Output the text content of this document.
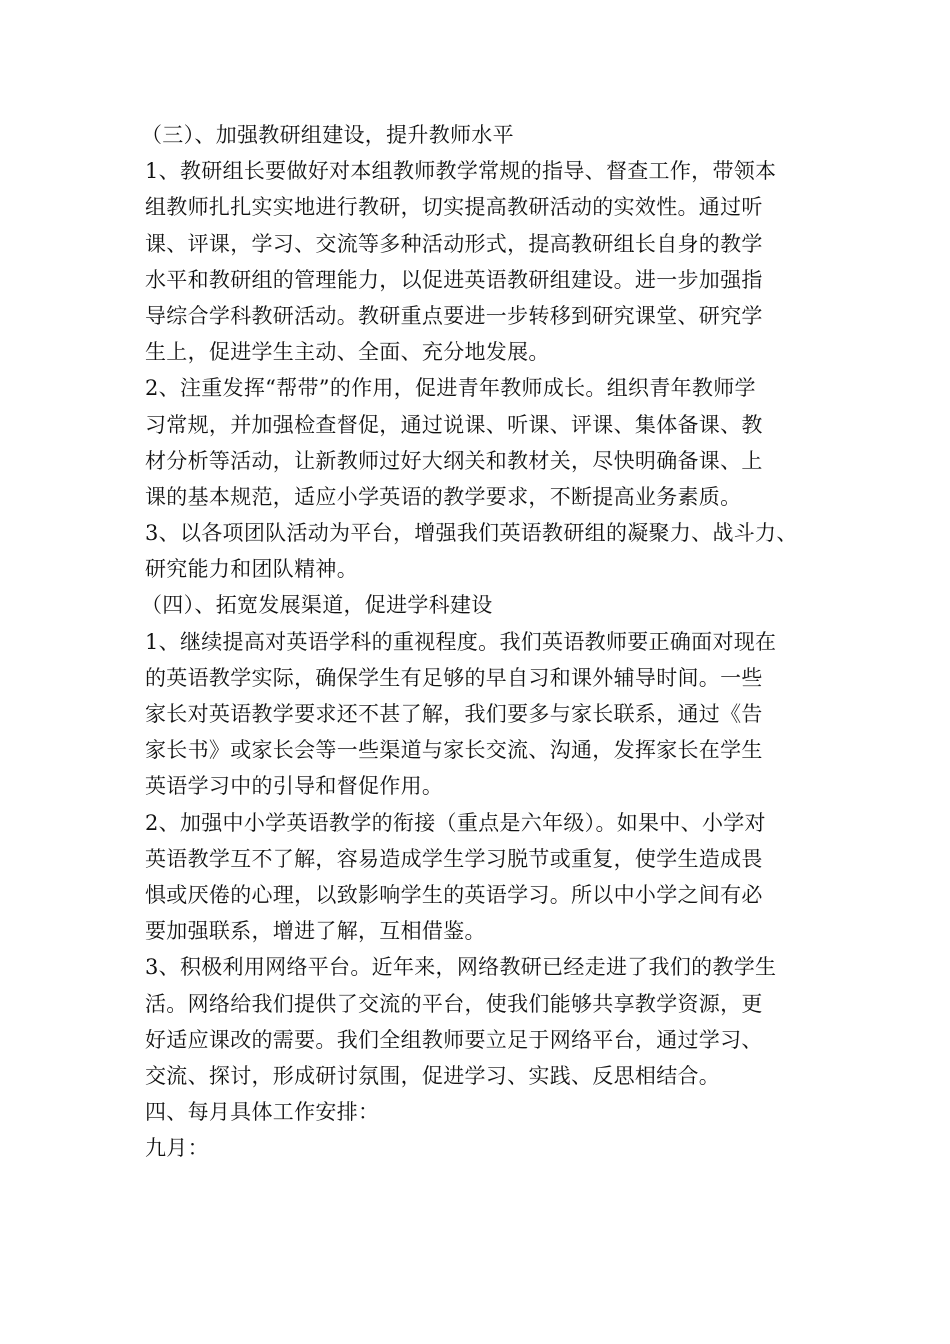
（三）、加强教研组建设，提升教师水平
1、教研组长要做好对本组教师教学常规的指导、督查工作，带领本
组教师扎扎实实地进行教研，切实提高教研活动的实效性。通过听
课、评课，学习、交流等多种活动形式，提高教研组长自身的教学
水平和教研组的管理能力，以促进英语教研组建设。进一步加强指
导综合学科教研活动。教研重点要进一步转移到研究课堂、研究学
生上，促进学生主动、全面、充分地发展。
2、注重发挥“帮带”的作用，促进青年教师成长。组织青年教师学
习常规，并加强检查督促，通过说课、听课、评课、集体备课、教
材分析等活动，让新教师过好大纲关和教材关，尽快明确备课、上
课的基本规范，适应小学英语的教学要求，不断提高业务素质。
3、以各项团队活动为平台，增强我们英语教研组的凝聚力、战斗力、
研究能力和团队精神。
（四）、拓宽发展渠道，促进学科建设
1、继续提高对英语学科的重视程度。我们英语教师要正确面对现在
的英语教学实际，确保学生有足够的早自习和课外辅导时间。一些
家长对英语教学要求还不甚了解，我们要多与家长联系，通过《告
家长书》或家长会等一些渠道与家长交流、沟通，发挥家长在学生
英语学习中的引导和督促作用。
2、加强中小学英语教学的衔接（重点是六年级）。如果中、小学对
英语教学互不了解，容易造成学生学习脱节或重复，使学生造成畏
惧或厌倦的心理，以致影响学生的英语学习。所以中小学之间有必
要加强联系，增进了解，互相借鉴。
3、积极利用网络平台。近年来，网络教研已经走进了我们的教学生
活。网络给我们提供了交流的平台，使我们能够共享教学资源，更
好适应课改的需要。我们全组教师要立足于网络平台，通过学习、
交流、探讨，形成研讨氛围，促进学习、实践、反思相结合。
四、每月具体工作安排：
九月：
